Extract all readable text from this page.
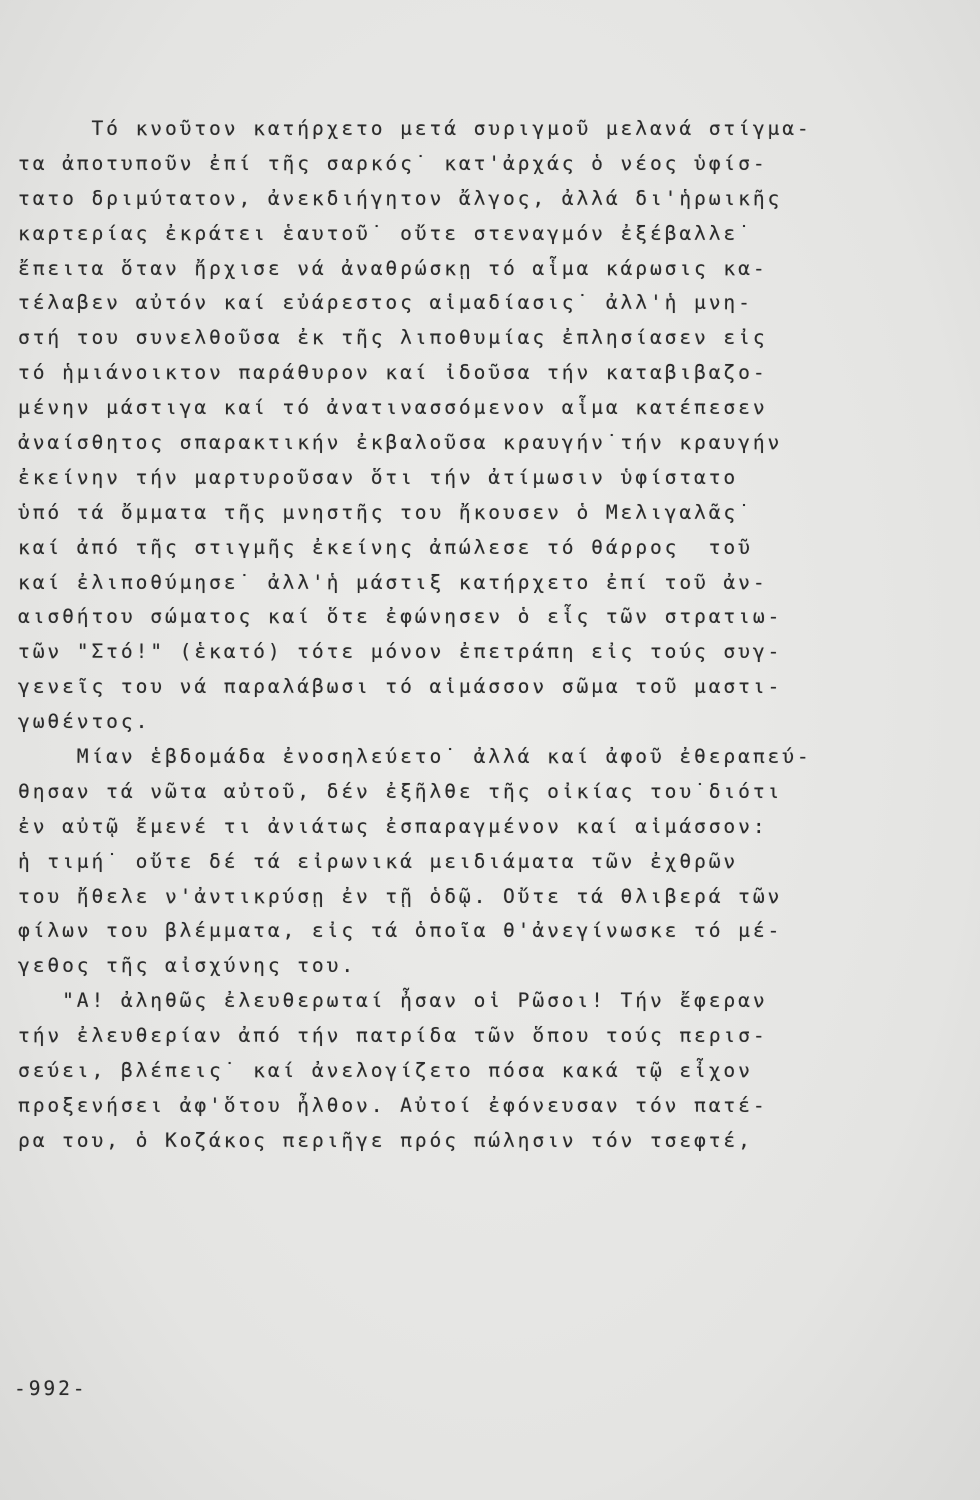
Τό κνοῦτον κατήρχετο μετά συριγμοῦ μελανά στίγμα-
τα ἀποτυποῦν ἐπί τῆς σαρκός˙ κατ'ἀρχάς ὁ νέος ὑφίσ-
τατο δριμύτατον, ἀνεκδιήγητον ἄλγος, ἀλλά δι'ἡρωικῆς
καρτερίας ἐκράτει ἑαυτοῦ˙ οὔτε στεναγμόν ἐξέβαλλε˙
ἔπειτα ὅταν ἤρχισε νά ἀναθρώσκῃ τό αἷμα κάρωσις κα-
τέλαβεν αὐτόν καί εὐάρεστος αἱμαδίασις˙ ἀλλ'ἡ μνη-
στή του συνελθοῦσα ἐκ τῆς λιποθυμίας ἐπλησίασεν εἰς
τό ἡμιάνοικτον παράθυρον καί ἰδοῦσα τήν καταβιβαζο-
μένην μάστιγα καί τό ἀνατινασσόμενον αἷμα κατέπεσεν
ἀναίσθητος σπαρακτικήν ἐκβαλοῦσα κραυγήν˙τήν κραυγήν
ἐκείνην τήν μαρτυροῦσαν ὅτι τήν ἀτίμωσιν ὑφίστατο
ὑπό τά ὄμματα τῆς μνηστῆς του ἤκουσεν ὁ Μελιγαλᾶς˙
καί ἀπό τῆς στιγμῆς ἐκείνης ἀπώλεσε τό θάρρος  τοῦ
καί ἐλιποθύμησε˙ ἀλλ'ἡ μάστιξ κατήρχετο ἐπί τοῦ ἀν-
αισθήτου σώματος καί ὅτε ἐφώνησεν ὁ εἷς τῶν στρατιω-
τῶν "Στό!" (ἑκατό) τότε μόνον ἐπετράπη εἰς τούς συγ-
γενεῖς του νά παραλάβωσι τό αἱμάσσον σῶμα τοῦ μαστι-
γωθέντος.
Μίαν ἑβδομάδα ἐνοσηλεύετο˙ ἀλλά καί ἀφοῦ ἐθεραπεύ-
θησαν τά νῶτα αὐτοῦ, δέν ἐξῆλθε τῆς οἰκίας του˙διότι
ἐν αὐτῷ ἔμενέ τι ἀνιάτως ἐσπαραγμένον καί αἱμάσσον:
ἡ τιμή˙ οὔτε δέ τά εἰρωνικά μειδιάματα τῶν ἐχθρῶν
του ἤθελε ν'ἀντικρύσῃ ἐν τῇ ὁδῷ. Οὔτε τά θλιβερά τῶν
φίλων του βλέμματα, εἰς τά ὁποῖα θ'ἀνεγίνωσκε τό μέ-
γεθος τῆς αἰσχύνης του.
"Α! ἀληθῶς ἐλευθερωταί ἦσαν οἱ Ρῶσοι! Τήν ἔφεραν
τήν ἐλευθερίαν ἀπό τήν πατρίδα τῶν ὅπου τούς περισ-
σεύει, βλέπεις˙ καί ἀνελογίζετο πόσα κακά τῷ εἶχον
προξενήσει ἀφ'ὅτου ἦλθον. Αὐτοί ἐφόνευσαν τόν πατέ-
ρα του, ὁ Κοζάκος περιῆγε πρός πώλησιν τόν τσεφτέ,
-992-
